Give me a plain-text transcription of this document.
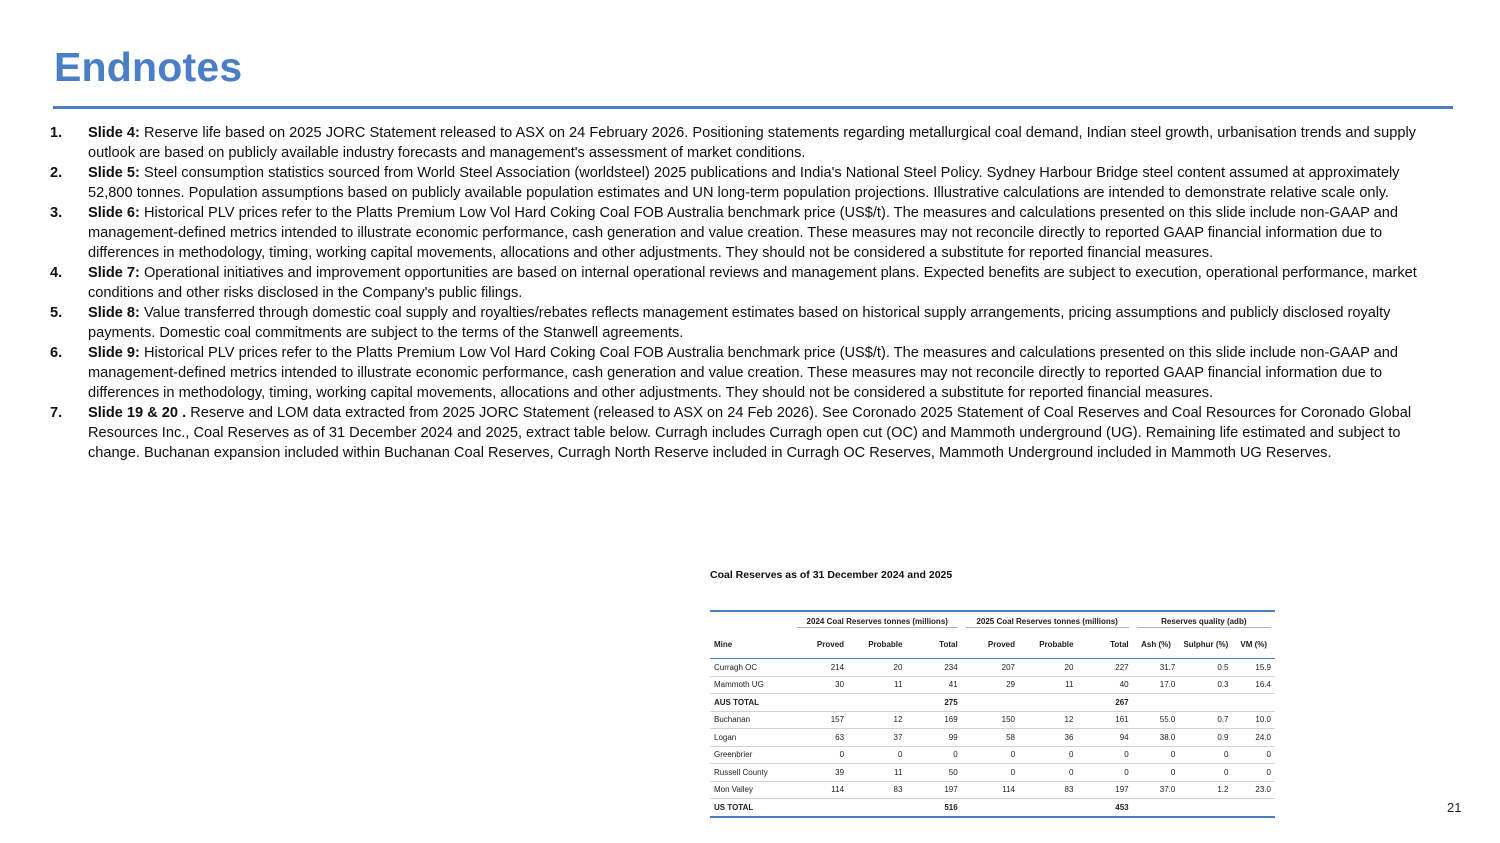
Endnotes
1.	Slide 4: Reserve life based on 2025 JORC Statement released to ASX on 24 February 2026. Positioning statements regarding metallurgical coal demand, Indian steel growth, urbanisation trends and supply outlook are based on publicly available industry forecasts and management's assessment of market conditions.
2.	Slide 5: Steel consumption statistics sourced from World Steel Association (worldsteel) 2025 publications and India's National Steel Policy. Sydney Harbour Bridge steel content assumed at approximately 52,800 tonnes. Population assumptions based on publicly available population estimates and UN long-term population projections. Illustrative calculations are intended to demonstrate relative scale only.
3.	Slide 6: Historical PLV prices refer to the Platts Premium Low Vol Hard Coking Coal FOB Australia benchmark price (US$/t). The measures and calculations presented on this slide include non-GAAP and management-defined metrics intended to illustrate economic performance, cash generation and value creation. These measures may not reconcile directly to reported GAAP financial information due to differences in methodology, timing, working capital movements, allocations and other adjustments. They should not be considered a substitute for reported financial measures.
4.	Slide 7: Operational initiatives and improvement opportunities are based on internal operational reviews and management plans. Expected benefits are subject to execution, operational performance, market conditions and other risks disclosed in the Company's public filings.
5.	Slide 8: Value transferred through domestic coal supply and royalties/rebates reflects management estimates based on historical supply arrangements, pricing assumptions and publicly disclosed royalty payments. Domestic coal commitments are subject to the terms of the Stanwell agreements.
6.	Slide 9: Historical PLV prices refer to the Platts Premium Low Vol Hard Coking Coal FOB Australia benchmark price (US$/t). The measures and calculations presented on this slide include non-GAAP and management-defined metrics intended to illustrate economic performance, cash generation and value creation. These measures may not reconcile directly to reported GAAP financial information due to differences in methodology, timing, working capital movements, allocations and other adjustments. They should not be considered a substitute for reported financial measures.
7.	Slide 19 & 20 . Reserve and LOM data extracted from 2025 JORC Statement (released to ASX on 24 Feb 2026). See Coronado 2025 Statement of Coal Reserves and Coal Resources for Coronado Global Resources Inc., Coal Reserves as of 31 December 2024 and 2025, extract table below. Curragh includes Curragh open cut (OC) and Mammoth underground (UG). Remaining life estimated and subject to change. Buchanan expansion included within Buchanan Coal Reserves, Curragh North Reserve included in Curragh OC Reserves, Mammoth Underground included in Mammoth UG Reserves.
Coal Reserves as of 31 December 2024 and 2025

	2024 Coal Reserves tonnes (millions)			2025 Coal Reserves tonnes (millions)			Reserves quality (adb)		

Mine	Proved	Probable	Total	Proved	Probable	Total	Ash (%)	Sulphur (%)	VM (%)
Curragh OC	214	20	234	207	20	227	31.7	0.5	15.9
Mammoth UG	30	11	41	29	11	40	17.0	0.3	16.4
AUS TOTAL			275			267			
Buchanan	157	12	169	150	12	161	55.0	0.7	10.0
Logan	63	37	99	58	36	94	38.0	0.9	24.0
Greenbrier	0	0	0	0	0	0	0	0	0
Russell County	39	11	50	0	0	0	0	0	0
Mon Valley	114	83	197	114	83	197	37.0	1.2	23.0
US TOTAL			516			453				21
